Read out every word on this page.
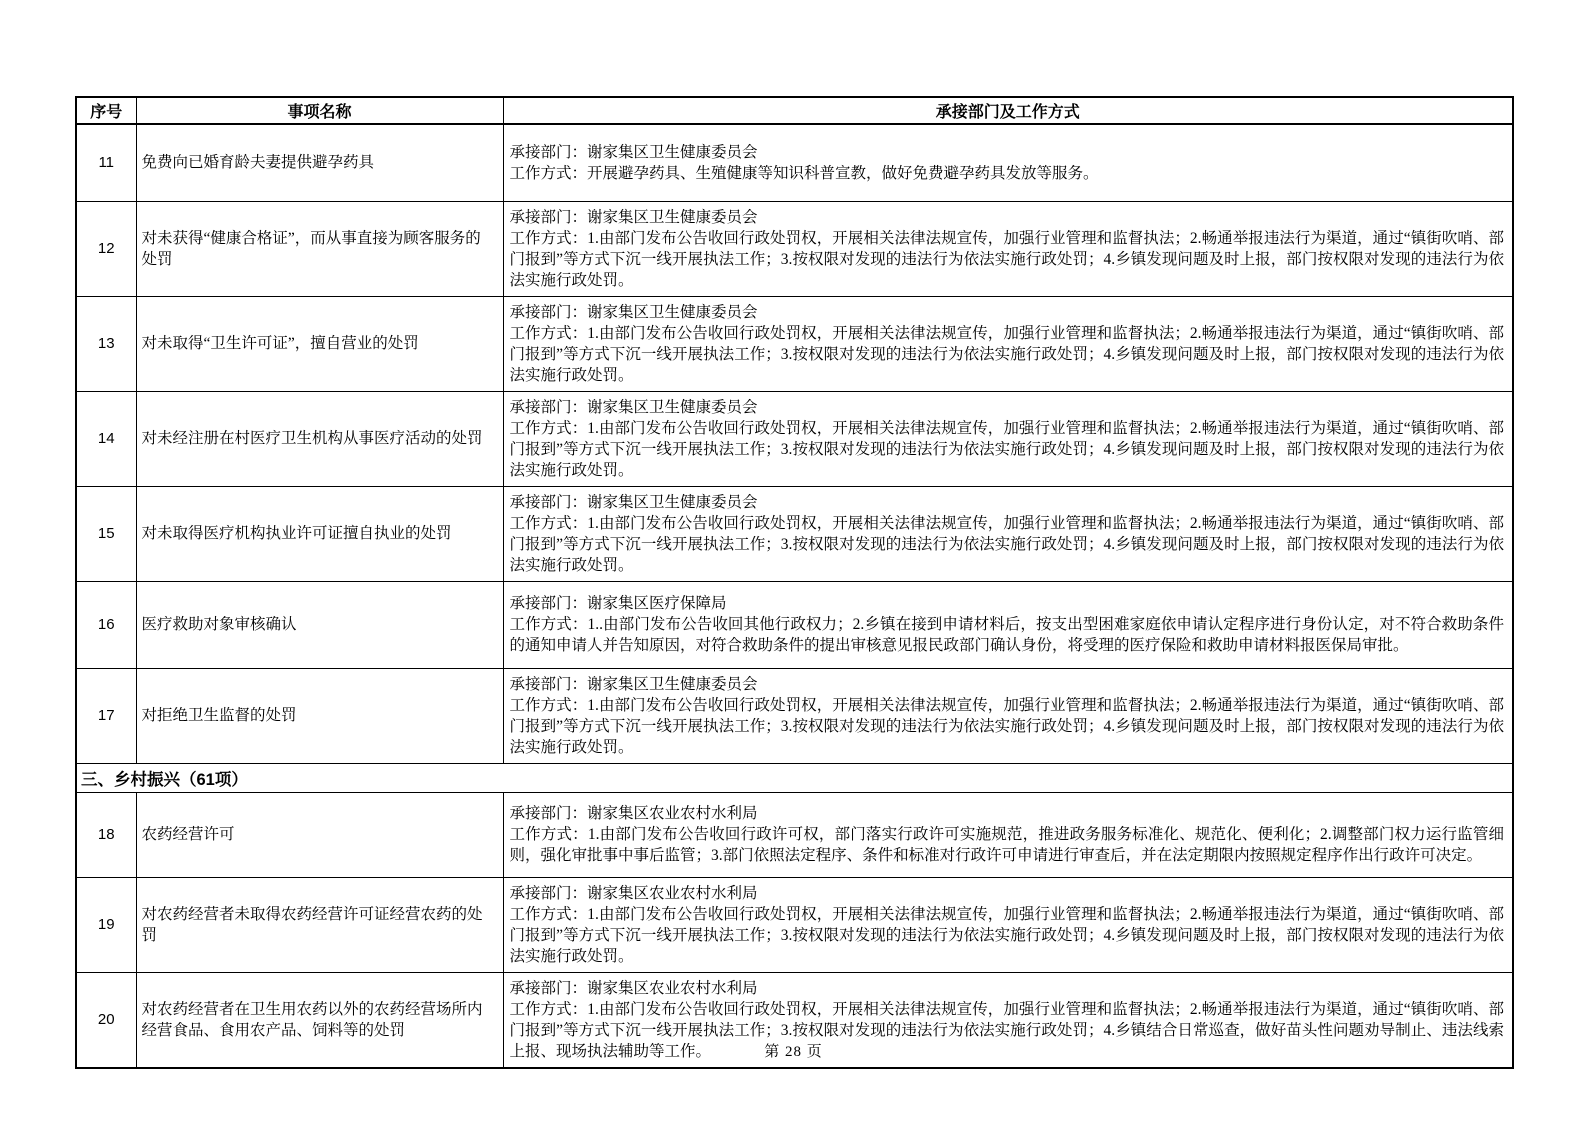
序号	事项名称	承接部门及工作方式
11	免费向已婚育龄夫妻提供避孕药具	承接部门：谢家集区卫生健康委员会
工作方式：开展避孕药具、生殖健康等知识科普宣教，做好免费避孕药具发放等服务。

12	对未获得“健康合格证”，而从事直接为顾客服务的处罚	承接部门：谢家集区卫生健康委员会
工作方式：1.由部门发布公告收回行政处罚权，开展相关法律法规宣传，加强行业管理和监督执法；2.畅通举报违法行为渠道，通过“镇街吹哨、部门报到”等方式下沉一线开展执法工作；3.按权限对发现的违法行为依法实施行政处罚；4.乡镇发现问题及时上报，部门按权限对发现的违法行为依法实施行政处罚。

13	对未取得“卫生许可证”，擅自营业的处罚	承接部门：谢家集区卫生健康委员会
工作方式：1.由部门发布公告收回行政处罚权，开展相关法律法规宣传，加强行业管理和监督执法；2.畅通举报违法行为渠道，通过“镇街吹哨、部门报到”等方式下沉一线开展执法工作；3.按权限对发现的违法行为依法实施行政处罚；4.乡镇发现问题及时上报，部门按权限对发现的违法行为依法实施行政处罚。

14	对未经注册在村医疗卫生机构从事医疗活动的处罚	承接部门：谢家集区卫生健康委员会
工作方式：1.由部门发布公告收回行政处罚权，开展相关法律法规宣传，加强行业管理和监督执法；2.畅通举报违法行为渠道，通过“镇街吹哨、部门报到”等方式下沉一线开展执法工作；3.按权限对发现的违法行为依法实施行政处罚；4.乡镇发现问题及时上报，部门按权限对发现的违法行为依法实施行政处罚。

15	对未取得医疗机构执业许可证擅自执业的处罚	承接部门：谢家集区卫生健康委员会
工作方式：1.由部门发布公告收回行政处罚权，开展相关法律法规宣传，加强行业管理和监督执法；2.畅通举报违法行为渠道，通过“镇街吹哨、部门报到”等方式下沉一线开展执法工作；3.按权限对发现的违法行为依法实施行政处罚；4.乡镇发现问题及时上报，部门按权限对发现的违法行为依法实施行政处罚。

16	医疗救助对象审核确认	承接部门：谢家集区医疗保障局
工作方式：1..由部门发布公告收回其他行政权力；2.乡镇在接到申请材料后，按支出型困难家庭依申请认定程序进行身份认定，对不符合救助条件的通知申请人并告知原因，对符合救助条件的提出审核意见报民政部门确认身份，将受理的医疗保险和救助申请材料报医保局审批。

17	对拒绝卫生监督的处罚	承接部门：谢家集区卫生健康委员会
工作方式：1.由部门发布公告收回行政处罚权，开展相关法律法规宣传，加强行业管理和监督执法；2.畅通举报违法行为渠道，通过“镇街吹哨、部门报到”等方式下沉一线开展执法工作；3.按权限对发现的违法行为依法实施行政处罚；4.乡镇发现问题及时上报，部门按权限对发现的违法行为依法实施行政处罚。

三、乡村振兴（61项）		
18	农药经营许可	承接部门：谢家集区农业农村水利局
工作方式：1.由部门发布公告收回行政许可权，部门落实行政许可实施规范，推进政务服务标准化、规范化、便利化；2.调整部门权力运行监管细则，强化审批事中事后监管；3.部门依照法定程序、条件和标准对行政许可申请进行审查后，并在法定期限内按照规定程序作出行政许可决定。

19	对农药经营者未取得农药经营许可证经营农药的处罚	承接部门：谢家集区农业农村水利局
工作方式：1.由部门发布公告收回行政处罚权，开展相关法律法规宣传，加强行业管理和监督执法；2.畅通举报违法行为渠道，通过“镇街吹哨、部门报到”等方式下沉一线开展执法工作；3.按权限对发现的违法行为依法实施行政处罚；4.乡镇发现问题及时上报，部门按权限对发现的违法行为依法实施行政处罚。

20	对农药经营者在卫生用农药以外的农药经营场所内经营食品、食用农产品、饲料等的处罚	承接部门：谢家集区农业农村水利局
工作方式：1.由部门发布公告收回行政处罚权，开展相关法律法规宣传，加强行业管理和监督执法；2.畅通举报违法行为渠道，通过“镇街吹哨、部门报到”等方式下沉一线开展执法工作；3.按权限对发现的违法行为依法实施行政处罚；4.乡镇结合日常巡查，做好苗头性问题劝导制止、违法线索上报、现场执法辅助等工作。	第 28 页
